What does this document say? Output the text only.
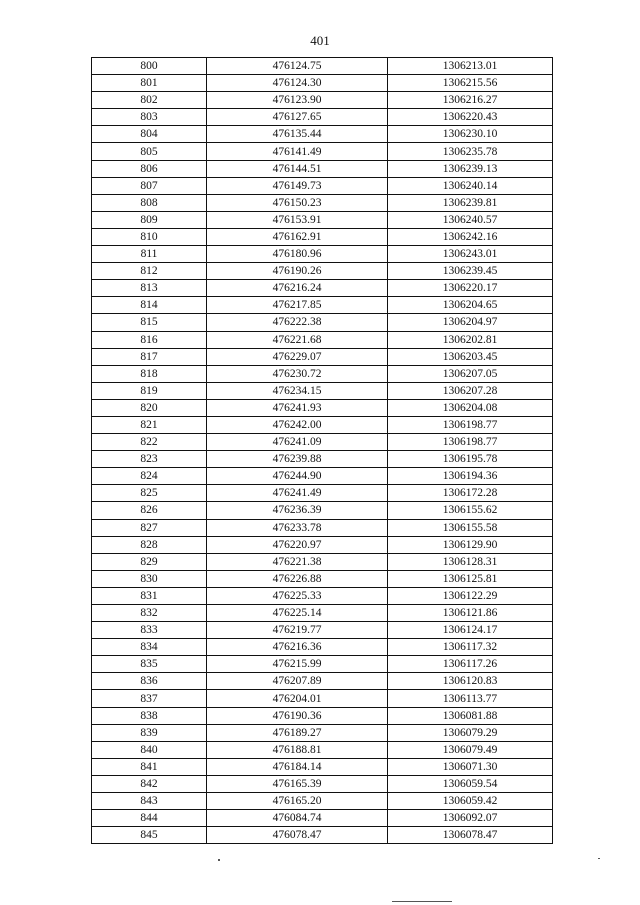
401
800	476124.75	1306213.01
801	476124.30	1306215.56
802	476123.90	1306216.27
803	476127.65	1306220.43
804	476135.44	1306230.10
805	476141.49	1306235.78
806	476144.51	1306239.13
807	476149.73	1306240.14
808	476150.23	1306239.81
809	476153.91	1306240.57
810	476162.91	1306242.16
811	476180.96	1306243.01
812	476190.26	1306239.45
813	476216.24	1306220.17
814	476217.85	1306204.65
815	476222.38	1306204.97
816	476221.68	1306202.81
817	476229.07	1306203.45
818	476230.72	1306207.05
819	476234.15	1306207.28
820	476241.93	1306204.08
821	476242.00	1306198.77
822	476241.09	1306198.77
823	476239.88	1306195.78
824	476244.90	1306194.36
825	476241.49	1306172.28
826	476236.39	1306155.62
827	476233.78	1306155.58
828	476220.97	1306129.90
829	476221.38	1306128.31
830	476226.88	1306125.81
831	476225.33	1306122.29
832	476225.14	1306121.86
833	476219.77	1306124.17
834	476216.36	1306117.32
835	476215.99	1306117.26
836	476207.89	1306120.83
837	476204.01	1306113.77
838	476190.36	1306081.88
839	476189.27	1306079.29
840	476188.81	1306079.49
841	476184.14	1306071.30
842	476165.39	1306059.54
843	476165.20	1306059.42
844	476084.74	1306092.07
845	476078.47	1306078.47
